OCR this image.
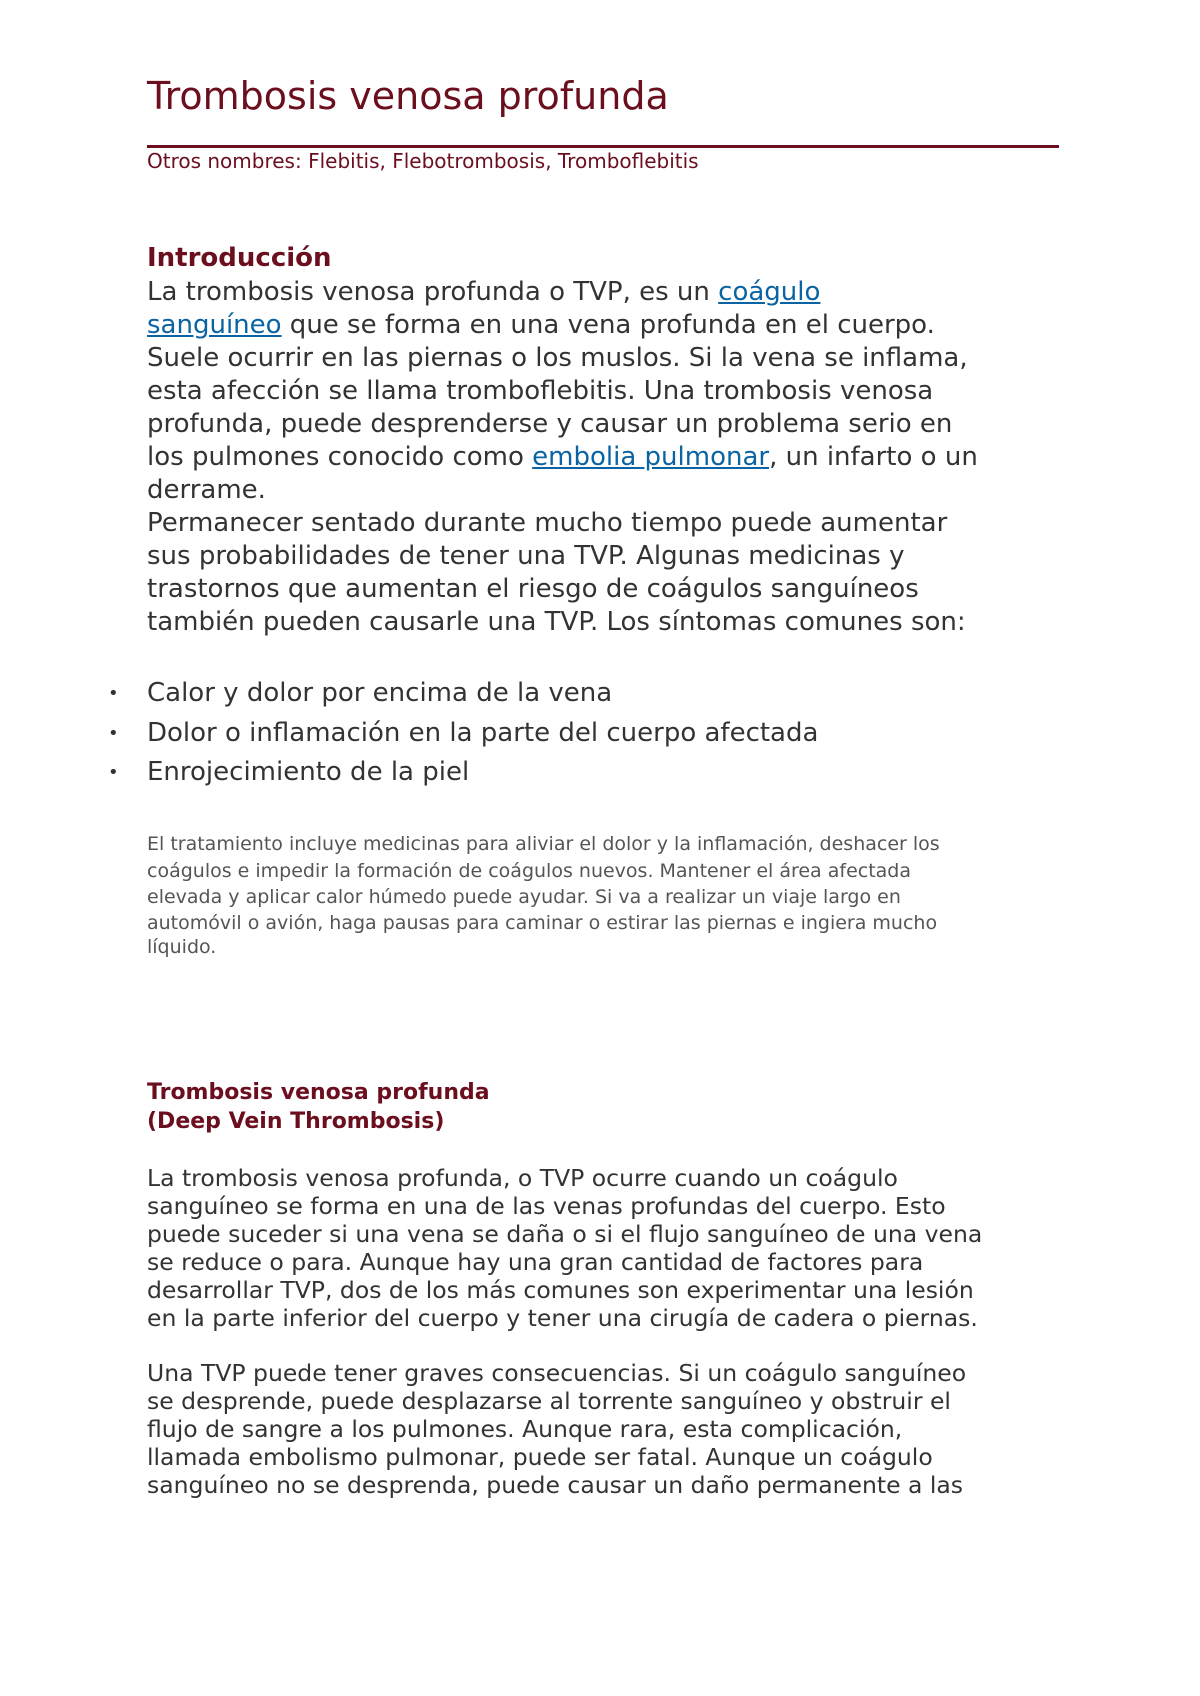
Trombosis venosa profunda
Otros nombres: Flebitis, Flebotrombosis, Tromboflebitis
Introducción
La trombosis venosa profunda o TVP, es un coágulo
sanguíneo que se forma en una vena profunda en el cuerpo.
Suele ocurrir en las piernas o los muslos. Si la vena se inflama,
esta afección se llama tromboflebitis. Una trombosis venosa
profunda, puede desprenderse y causar un problema serio en
los pulmones conocido como embolia pulmonar, un infarto o un
derrame.
Permanecer sentado durante mucho tiempo puede aumentar
sus probabilidades de tener una TVP. Algunas medicinas y
trastornos que aumentan el riesgo de coágulos sanguíneos
también pueden causarle una TVP. Los síntomas comunes son:
•	Calor y dolor por encima de la vena
•	Dolor o inflamación en la parte del cuerpo afectada
•	Enrojecimiento de la piel
El tratamiento incluye medicinas para aliviar el dolor y la inflamación, deshacer los
coágulos e impedir la formación de coágulos nuevos. Mantener el área afectada
elevada y aplicar calor húmedo puede ayudar. Si va a realizar un viaje largo en
automóvil o avión, haga pausas para caminar o estirar las piernas e ingiera mucho
líquido.
Trombosis venosa profunda
(Deep Vein Thrombosis)
La trombosis venosa profunda, o TVP ocurre cuando un coágulo
sanguíneo se forma en una de las venas profundas del cuerpo. Esto
puede suceder si una vena se daña o si el flujo sanguíneo de una vena
se reduce o para. Aunque hay una gran cantidad de factores para
desarrollar TVP, dos de los más comunes son experimentar una lesión
en la parte inferior del cuerpo y tener una cirugía de cadera o piernas.
Una TVP puede tener graves consecuencias. Si un coágulo sanguíneo
se desprende, puede desplazarse al torrente sanguíneo y obstruir el
flujo de sangre a los pulmones. Aunque rara, esta complicación,
llamada embolismo pulmonar, puede ser fatal. Aunque un coágulo
sanguíneo no se desprenda, puede causar un daño permanente a las
